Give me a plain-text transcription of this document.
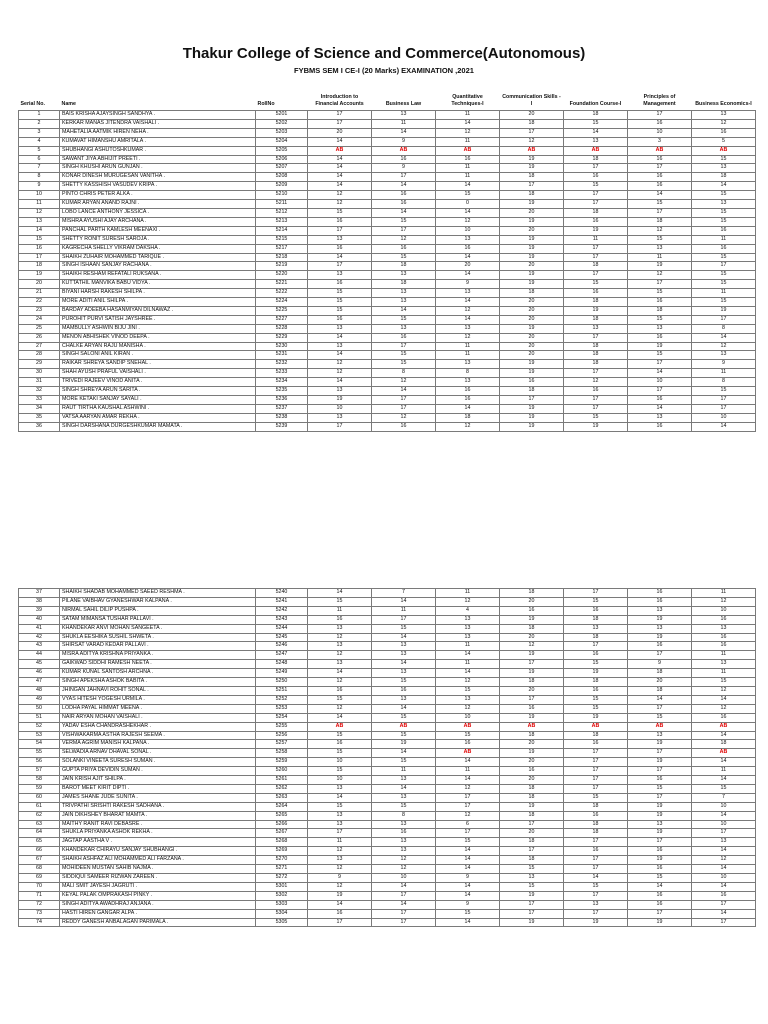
Thakur College of Science and Commerce(Autonomous)
FYBMS SEM I CE-I (20 Marks) EXAMINATION ,2021
Serial No.	Name	RollNo	Introduction to Financial Accounts	Business Law	Quantitative Techniques-I	Communication Skills -I	Foundation Course-I	Principles of Management	Business Economics-I
1	BAIS KRISHA AJAYSINGH SANDHYA .	5201	17	13	11	20	18	17	13
2	KERKAR MANAS JITENDRA VAISHALI .	5202	17	11	14	18	15	16	12
3	MAHETALIA AATMIK HIREN NEHA .	5203	20	14	12	17	14	10	16
4	KUMAVAT HIMANSHU AMRITALA .	5204	14	9	11	12	13	3	5
5	SHUBHANGI ASHUTOSHKUMAR .	5205	AB	AB	AB	AB	AB	AB	AB
6	SAWANT JIYA ABHIJIT PREETI .	5206	14	16	16	19	18	16	15
7	SINGH KHUSHI ARUN GUNJAN .	5207	14	9	11	19	17	17	13
8	KONAR DINESH MURUGESAN VANITHA .	5208	14	17	11	18	16	16	18
9	SHETTY KASSHISH VASUDEV KRIPA .	5209	14	14	14	17	15	16	14
10	PINTO CHRIS PETER ALKA .	5210	12	16	15	18	17	14	15
11	KUMAR ARYAN ANAND RAJNI .	5211	12	16	0	19	17	15	13
12	LOBO LANCE ANTHONY JESSICA .	5212	15	14	14	20	18	17	15
13	MISHRA AYUSHI AJAY ARCHANA .	5213	16	15	12	19	16	18	15
14	PANCHAL PARTH KAMLESH MEENAXI .	5214	17	17	10	20	19	12	16
15	SHETTY RONIT SURESH SAROJA .	5215	13	12	13	19	11	15	11
16	KAGRECHA SHELLY VIKRAM DAKSHA .	5217	16	16	16	19	17	13	16
17	SHAIKH ZUHAIR MOHAMMED TARIQUE .	5218	14	15	14	19	17	11	15
18	SINGH ISHAAN SANJAY RACHANA .	5219	17	18	20	20	18	19	17
19	SHAIKH RESHAM REFATALI RUKSANA .	5220	13	13	14	19	17	12	15
20	KUTTATHIL MANVIKA BABU VIDYA .	5221	16	18	9	19	15	17	15
21	BIYANI HARSH RAKESH SHILPA .	5222	15	13	13	18	16	15	11
22	MORE ADITI ANIL SHILPA .	5224	15	13	14	20	18	16	15
23	BARDAY ADEEBA HASANMIYAN DILNAWAZ .	5225	15	14	12	20	19	18	19
24	PUROHIT PURVI SATISH JAYSHREE .	5227	16	15	14	20	18	15	17
25	MAMBULLY ASHWIN BIJU JINI .	5228	13	13	13	19	13	13	8
26	MENON ABHISHEK VINOD DEEPA .	5229	14	16	12	20	17	16	14
27	CHALKE ARYAN RAJU MANISHA .	5230	13	17	11	20	18	19	12
28	SINGH SALONI ANIL KIRAN .	5231	14	15	11	20	18	15	13
29	RAIKAR SHREYA SANDIP SNEHAL .	5232	12	15	13	19	18	17	9
30	SHAH AYUSH PRAFUL VAISHALI .	5233	12	8	8	19	17	14	11
31	TRIVEDI RAJEEV VINOD ANITA .	5234	14	12	13	16	12	10	8
32	SINGH SHREYA ARUN SARITA .	5235	13	14	16	18	16	17	15
33	MORE KETAKI SANJAY SAYALI .	5236	19	17	16	17	17	16	17
34	RAUT TIRTHA KAUSHAL ASHWINI .	5237	10	17	14	19	17	14	17
35	VATSA AARYAN AMAR REKHA .	5238	13	12	18	19	15	13	10
36	SINGH DARSHANA DURGESHKUMAR MAMATA .	5239	17	16	12	19	19	16	14
37	SHAIKH SHADAB MOHAMMED SAEED RESHMA .	5240	14	7	11	18	17	16	11
38	PILANE VAIBHAV GYANESHWAR KALPANA .	5241	15	14	12	20	15	16	12
39	NIRMAL SAHIL DILIP PUSHPA .	5242	11	11	4	16	16	13	10
40	SATAM MIMANSA TUSHAR PALLAVI .	5243	16	17	13	19	18	19	16
41	KHANDEKAR ANVI MOHAN SANGEETA .	5244	13	15	13	18	13	13	13
42	SHUKLA EESHIKA SUSHIL SHWETA .	5245	12	14	13	20	18	19	16
43	SHIRSAT VARAD KEDAR PALLAVI .	5246	13	13	11	12	17	16	16
44	MISRA ADITYA KRISHNA PRIYANKA .	5247	12	13	14	19	16	17	11
45	GAIKWAD SIDDHI RAMESH NEETA .	5248	13	14	11	17	15	9	13
46	KUMAR KUNAL SANTOSH ARCHNA .	5249	14	13	14	19	19	18	11
47	SINGH APEKSHA ASHOK BABITA .	5250	12	15	12	18	18	20	15
48	JHINGAN JAHNAVI ROHIT SONAL .	5251	16	16	15	20	16	18	12
49	VYAS HITESH YOGESH URMILA .	5252	15	13	13	17	15	14	14
50	LODHA PAYAL HIMMAT MEENA .	5253	12	14	12	16	15	17	12
51	NAIR ARYAN MOHAN VAISHALI .	5254	14	15	10	19	19	15	16
52	YADAV ESHA CHANDRASHEKHAR .	5255	AB	AB	AB	AB	AB	AB	AB
53	VISHWAKARMA ASTHA RAJESH SEEMA .	5256	15	15	15	18	18	13	14
54	VERMA AGRIM MANISH KALPANA .	5257	16	19	16	20	16	19	18
55	SELWADIA ARNAV DHAVAL SONAL .	5258	15	14	AB	19	17	17	AB
56	SOLANKI VINEETA SURESH SUMAN .	5259	10	15	14	20	17	19	14
57	GUPTA PRIYA DEVIDIN SUMAN .	5260	15	11	11	16	17	17	11
58	JAIN KRISH AJIT SHILPA .	5261	10	13	14	20	17	16	14
59	BAROT MEET KIRIT DIPTI .	5262	13	14	12	18	17	15	15
60	JAMES SHANE JUDE SUNITA .	5263	14	13	17	18	15	17	7
61	TRIVPATHI SRISHTI RAKESH SADHANA .	5264	15	15	17	19	18	19	10
62	JAIN DIKHSHEY BHARAT MAMTA .	5265	13	8	12	18	16	19	14
63	MAITHY RANIT RAVI DEBASRE .	5266	13	13	6	17	18	13	10
64	SHUKLA PRIYANKA ASHOK REKHA .	5267	17	16	17	20	18	19	17
65	JAGTAP AASTHA V .	5268	11	13	15	18	17	17	13
66	KHANDEKAR CHIRAYU SANJAY SHUBHANGI .	5269	12	13	14	17	16	16	14
67	SHAIKH ASHFAZ ALI MOHAMMED ALI FARZANA .	5270	13	12	14	18	17	19	12
68	MOHIDEEN MUSTAN SAHIB NAJMA .	5271	12	12	14	15	17	16	14
69	SIDDIQUI SAMEER RIZWAN ZAREEN .	5272	9	10	9	13	14	15	10
70	MALI SMIT JAYESH JAGRUTI .	5301	12	14	14	15	15	14	14
71	KEYAL PALAK OMPRAKASH PINKY .	5302	19	17	14	19	17	16	16
72	SINGH ADITYA AWADHRAJ ANJANA .	5303	14	14	9	17	13	16	17
73	HASTI HIREN GANGAR ALPA .	5304	16	17	15	17	17	17	14
74	REDDY GANESH ANBALAGAN PARIMALA .	5305	17	17	14	19	19	19	17
